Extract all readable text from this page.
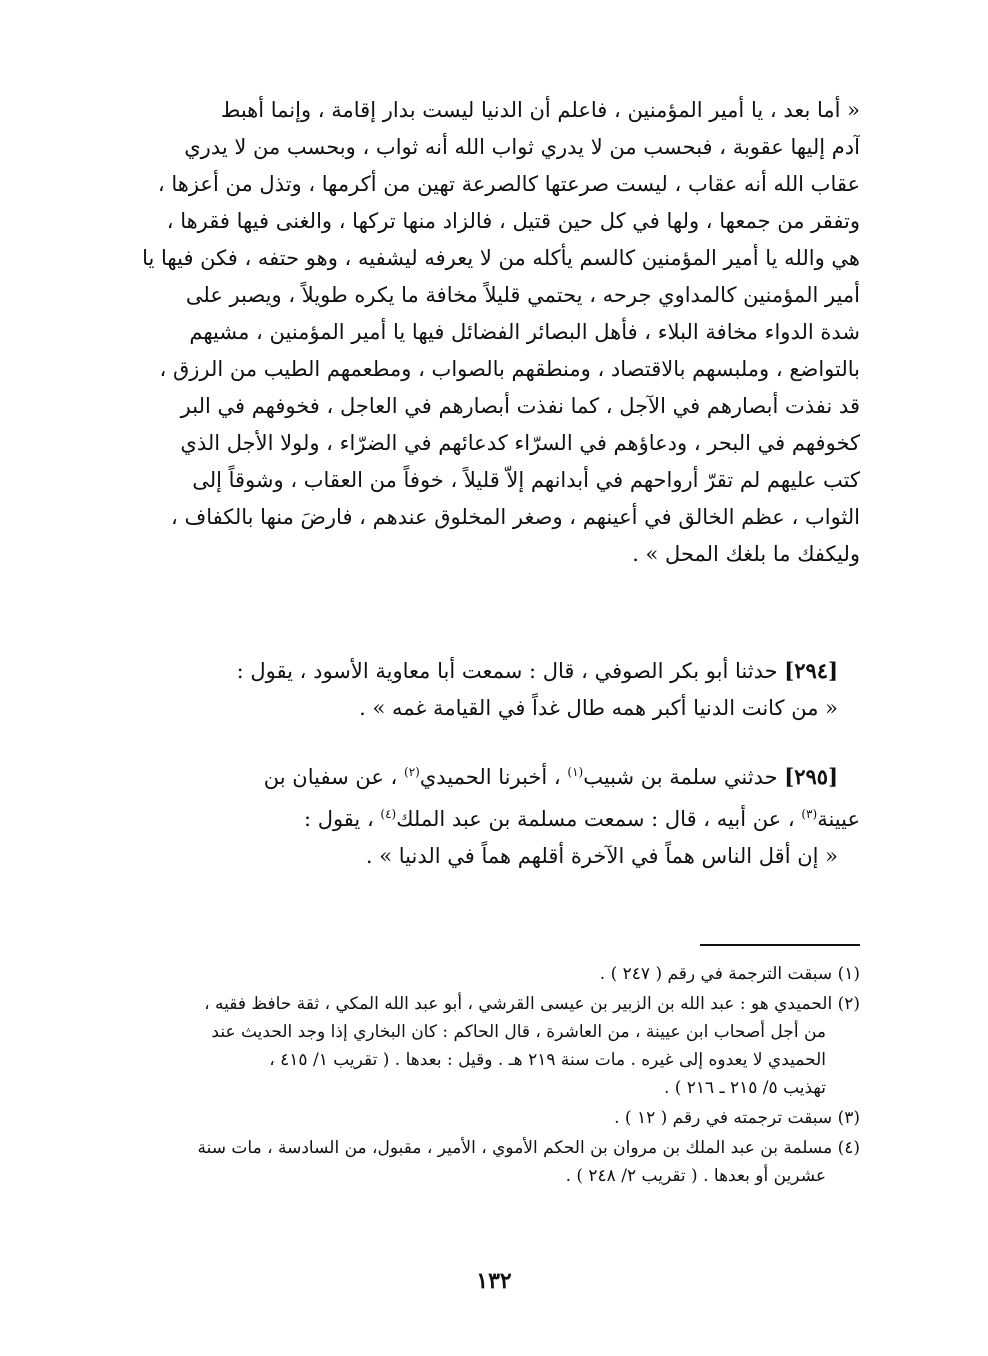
« أما بعد ، يا أمير المؤمنين ، فاعلم أن الدنيا ليست بدار إقامة ، وإنما أهبط
آدم إليها عقوبة ، فبحسب من لا يدري ثواب الله أنه ثواب ، وبحسب من لا يدري
عقاب الله أنه عقاب ، ليست صرعتها كالصرعة تهين من أكرمها ، وتذل من أعزها ،
وتفقر من جمعها ، ولها في كل حين قتيل ، فالزاد منها تركها ، والغنى فيها فقرها ،
هي والله يا أمير المؤمنين كالسم يأكله من لا يعرفه ليشفيه ، وهو حتفه ، فكن فيها يا
أمير المؤمنين كالمداوي جرحه ، يحتمي قليلاً مخافة ما يكره طويلاً ، ويصبر على
شدة الدواء مخافة البلاء ، فأهل البصائر الفضائل فيها يا أمير المؤمنين ، مشيهم
بالتواضع ، وملبسهم بالاقتصاد ، ومنطقهم بالصواب ، ومطعمهم الطيب من الرزق ،
قد نفذت أبصارهم في الآجل ، كما نفذت أبصارهم في العاجل ، فخوفهم في البر
كخوفهم في البحر ، ودعاؤهم في السرّاء كدعائهم في الضرّاء ، ولولا الأجل الذي
كتب عليهم لم تقرّ أرواحهم في أبدانهم إلاّ قليلاً ، خوفاً من العقاب ، وشوقاً إلى
الثواب ، عظم الخالق في أعينهم ، وصغر المخلوق عندهم ، فارضَ منها بالكفاف ،
وليكفك ما بلغك المحل » .
[٢٩٤] حدثنا أبو بكر الصوفي ، قال : سمعت أبا معاوية الأسود ، يقول :
« من كانت الدنيا أكبر همه طال غداً في القيامة غمه » .
[٢٩٥] حدثني سلمة بن شبيب$^{(١)}$ ، أخبرنا الحميدي$^{(٢)}$ ، عن سفيان بن
عيينة$^{(٣)}$ ، عن أبيه ، قال : سمعت مسلمة بن عبد الملك$^{(٤)}$ ، يقول :
« إن أقل الناس هماً في الآخرة أقلهم هماً في الدنيا » .
(١) سبقت الترجمة في رقم ( ٢٤٧ ) .
(٢) الحميدي هو : عبد الله بن الزبير بن عيسى القرشي ، أبو عبد الله المكي ، ثقة حافظ فقيه ،
من أجل أصحاب ابن عيينة ، من العاشرة ، قال الحاكم : كان البخاري إذا وجد الحديث عند
الحميدي لا يعدوه إلى غيره . مات سنة ٢١٩ هـ . وقيل : بعدها . ( تقريب ١/ ٤١٥ ،
تهذيب ٥/ ٢١٥ ـ ٢١٦ ) .
(٣) سبقت ترجمته في رقم ( ١٢ ) .
(٤) مسلمة بن عبد الملك بن مروان بن الحكم الأموي ، الأمير ، مقبول، من السادسة ، مات سنة
عشرين أو بعدها . ( تقريب ٢/ ٢٤٨ ) .
١٣٢
